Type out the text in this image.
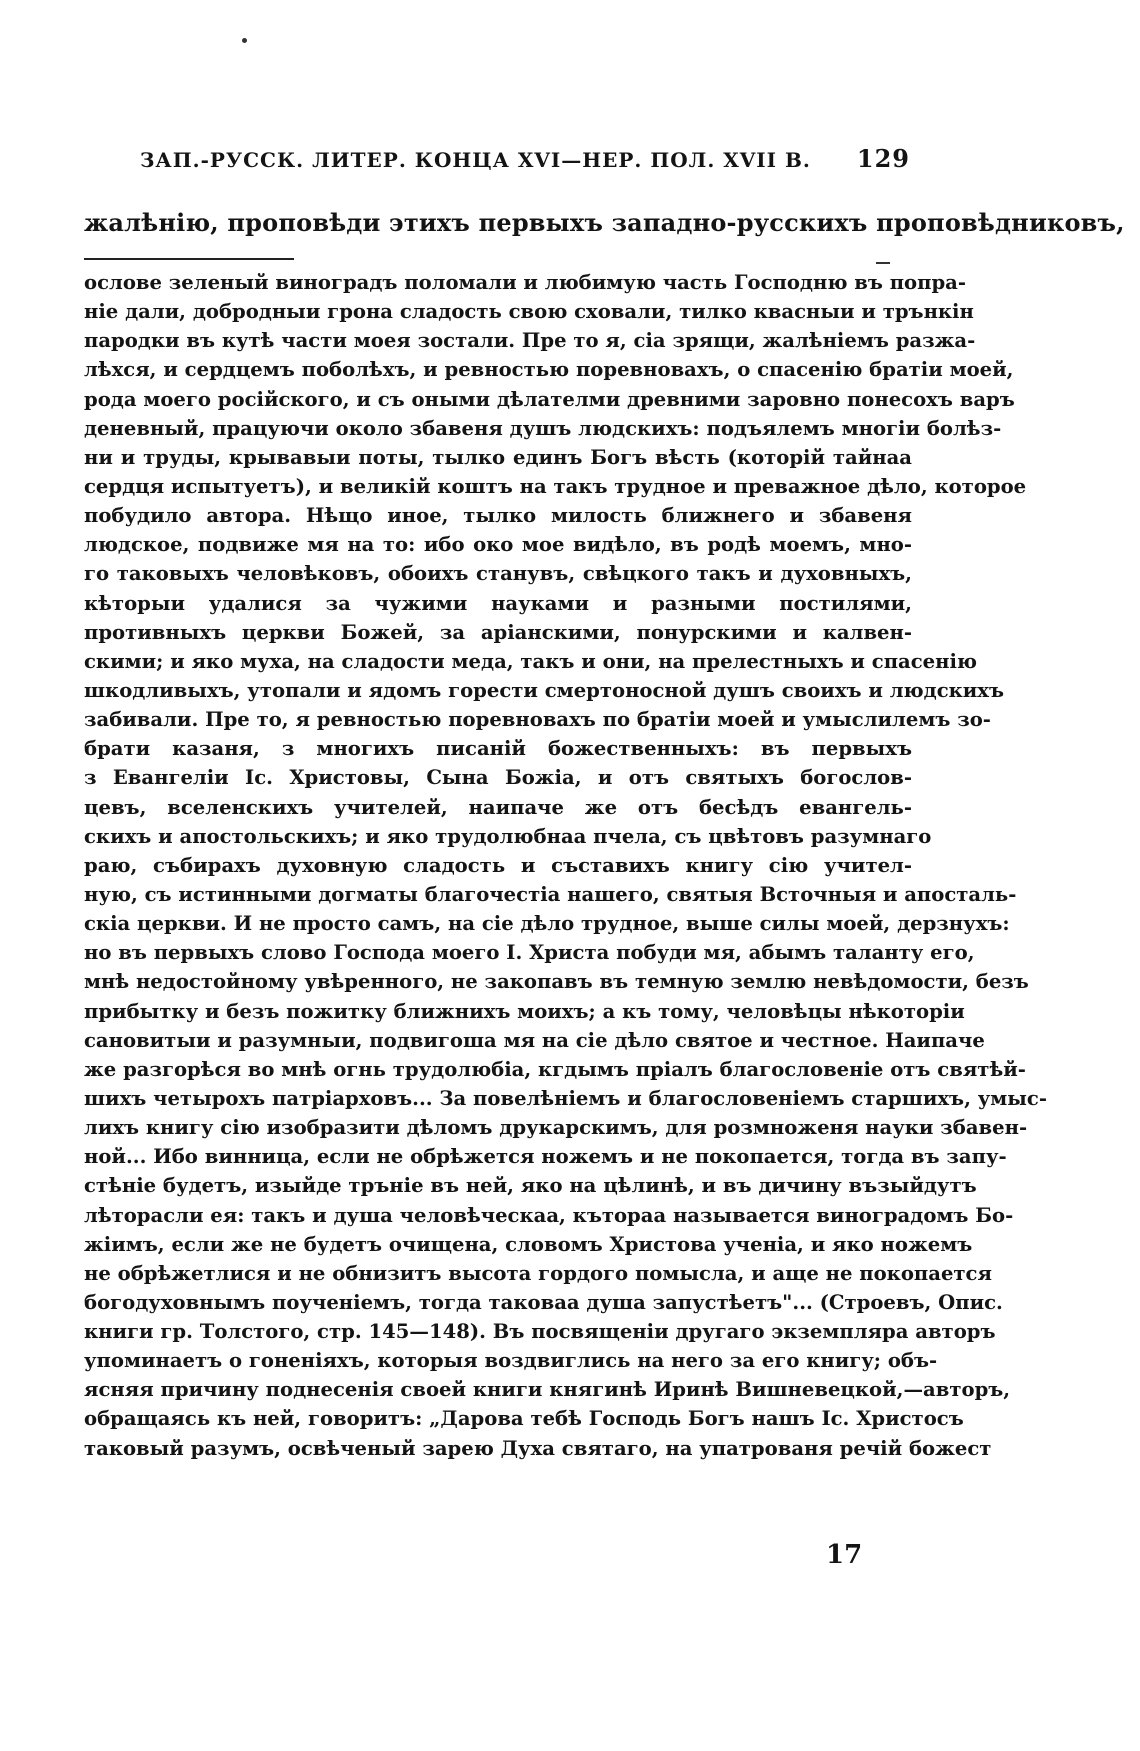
ЗАП.-РУССК. ЛИТЕР. КОНЦА XVI—НЕР. ПОЛ. XVII В. 129
жалѣнію, проповѣди этихъ первыхъ западно-русскихъ проповѣдниковъ,
ослове зеленый виноградъ поломали и любимую часть Господню въ попра-
ніе дали, добродныи грона сладость свою сховали, тилко квасныи и трънкін
пародки въ кутѣ части моея зостали. Пре то я, сіа зрящи, жалѣніемъ разжа-
лѣхся, и сердцемъ поболѣхъ, и ревностью поревновахъ, о спасенію братіи моей,
рода моего російского, и съ оными дѣлателми древними заровно понесохъ варъ
деневный, працуючи около збавеня душъ людскихъ: подъялемъ многіи болѣз-
ни и труды, крывавыи поты, тылко единъ Богъ вѣсть (которій тайнаа
сердця испытуетъ), и великій коштъ на такъ трудное и преважное дѣло, которое
побудило автора. Нѣщо иное, тылко милость ближнего и збавеня
людское, подвиже мя на то: ибо око мое видѣло, въ родѣ моемъ, мно-
го таковыхъ человѣковъ, обоихъ станувъ, свѣцкого такъ и духовныхъ,
кѣторыи удалися за чужими науками и разными постилями,
противныхъ церкви Божей, за аріанскими, понурскими и калвен-
скими; и яко муха, на сладости меда, такъ и они, на прелестныхъ и спасенію
шкодливыхъ, утопали и ядомъ горести смертоносной душъ своихъ и людскихъ
забивали. Пре то, я ревностью поревновахъ по братіи моей и умыслилемъ зо-
брати казаня, з многихъ писаній божественныхъ: въ первыхъ
з Евангеліи Іс. Христовы, Сына Божіа, и отъ святыхъ богослов-
цевъ, вселенскихъ учителей, наипаче же отъ бесѣдъ евангель-
скихъ и апостольскихъ; и яко трудолюбнаа пчела, съ цвѣтовъ разумнаго
раю, събирахъ духовную сладость и съставихъ книгу сію учител-
ную, съ истинными догматы благочестіа нашего, святыя Всточныя и апосталь-
скіа церкви. И не просто самъ, на сіе дѣло трудное, выше силы моей, дерзнухъ:
но въ первыхъ слово Господа моего І. Христа побуди мя, абымъ таланту его,
мнѣ недостойному увѣренного, не закопавъ въ темную землю невѣдомости, безъ
прибытку и безъ пожитку ближнихъ моихъ; а къ тому, человѣцы нѣкоторіи
сановитыи и разумныи, подвигоша мя на сіе дѣло святое и честное. Наипаче
же разгорѣся во мнѣ огнь трудолюбіа, кгдымъ пріалъ благословеніе отъ святѣй-
шихъ четырохъ патріарховъ... За повелѣніемъ и благословеніемъ старшихъ, умыс-
лихъ книгу сію изобразити дѣломъ друкарскимъ, для розмноженя науки збавен-
ной... Ибо винница, если не обрѣжется ножемъ и не покопается, тогда въ запу-
стѣніе будетъ, изыйде тръніе въ ней, яко на цѣлинѣ, и въ дичину възыйдутъ
лѣторасли ея: такъ и душа человѣческаа, кътораа называется виноградомъ Бо-
жіимъ, если же не будетъ очищена, словомъ Христова ученіа, и яко ножемъ
не обрѣжетлися и не обнизитъ высота гордого помысла, и аще не покопается
богодуховнымъ поученіемъ, тогда таковаа душа запустѣетъ"... (Строевъ, Опис.
книги гр. Толстого, стр. 145—148). Въ посвященіи другаго экземпляра авторъ
упоминаетъ о гоненіяхъ, которыя воздвиглись на него за его книгу; объ-
ясняя причину поднесенія своей книги княгинѣ Иринѣ Вишневецкой,—авторъ,
обращаясь къ ней, говоритъ: „Дарова тебѣ Господь Богъ нашъ Іс. Христосъ
таковый разумъ, освѣченый зарею Духа святаго, на упатрованя речій божест
17
